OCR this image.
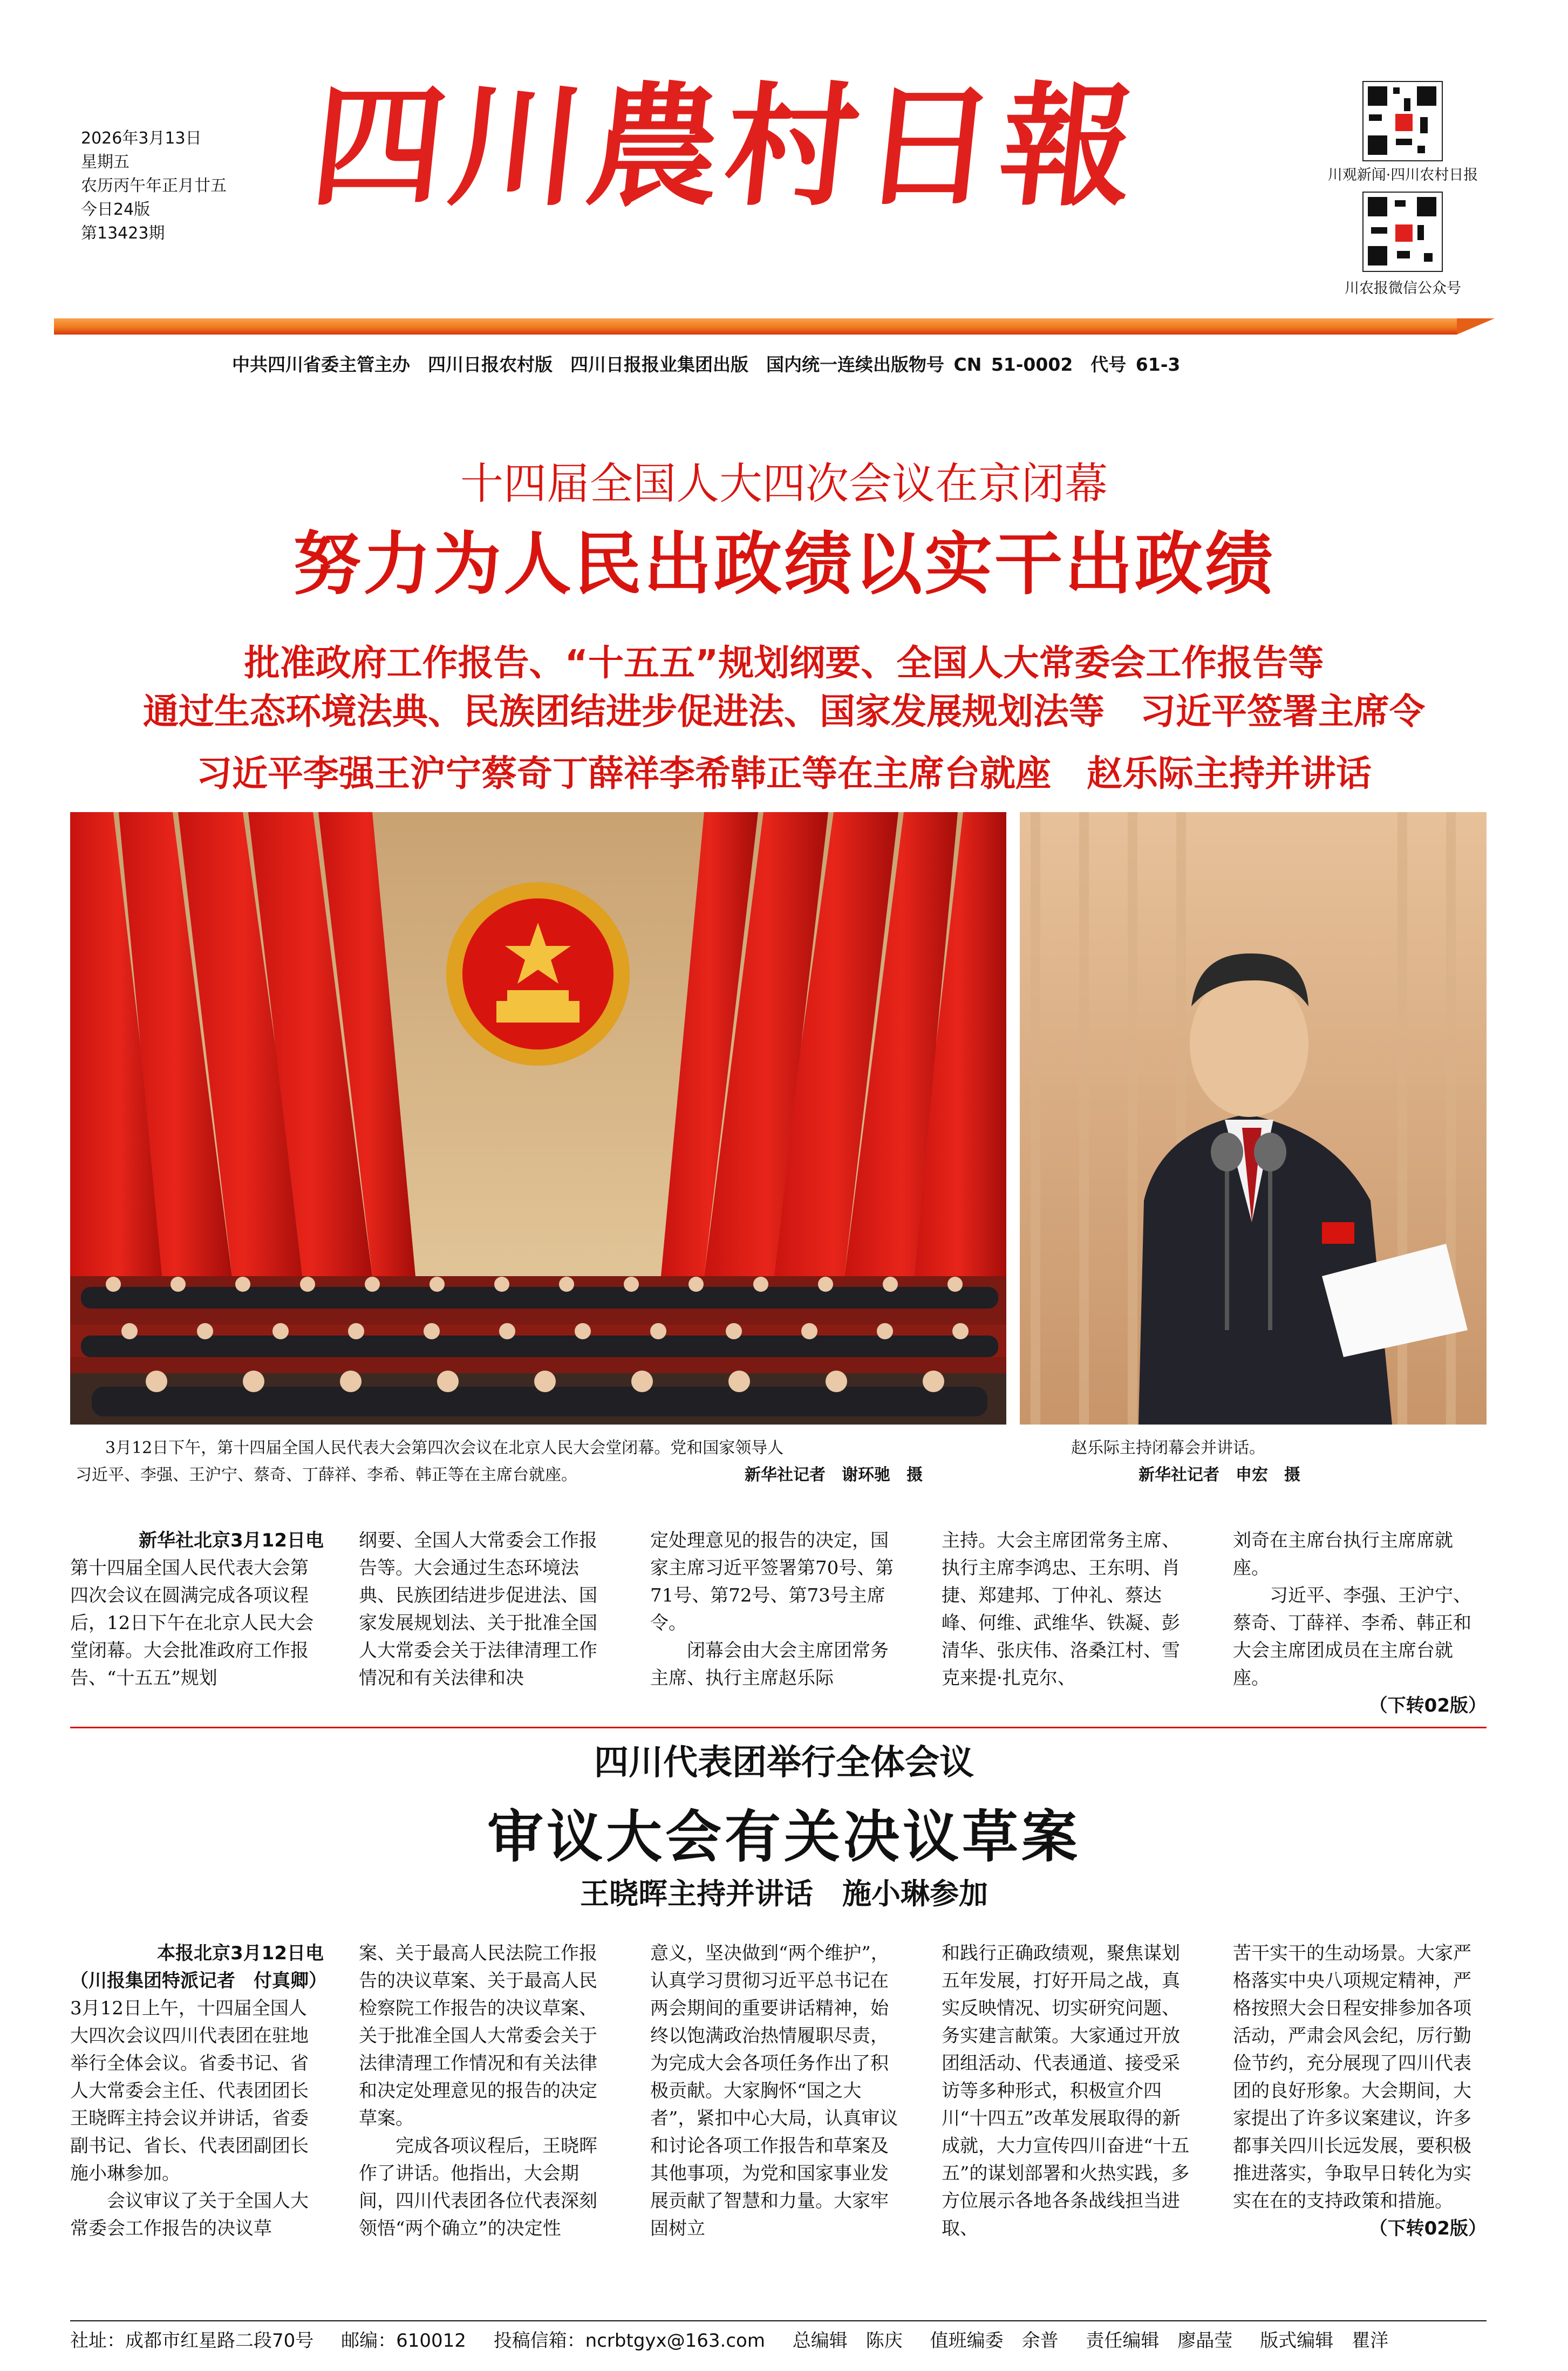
2026年3月13日
星期五
农历丙午年正月廿五
今日24版
第13423期
四川農村日報	川观新闻·四川农村日报
川农报微信公众号
中共四川省委主管主办　四川日报农村版　四川日报报业集团出版　国内统一连续出版物号 CN 51-0002　代号 61-3
十四届全国人大四次会议在京闭幕
努力为人民出政绩以实干出政绩
批准政府工作报告、“十五五”规划纲要、全国人大常委会工作报告等
通过生态环境法典、民族团结进步促进法、国家发展规划法等　习近平签署主席令
习近平李强王沪宁蔡奇丁薛祥李希韩正等在主席台就座　赵乐际主持并讲话
3月12日下午，第十四届全国人民代表大会第四次会议在北京人民大会堂闭幕。党和国家领导人
习近平、李强、王沪宁、蔡奇、丁薛祥、李希、韩正等在主席台就座。	新华社记者　谢环驰　摄
赵乐际主持闭幕会并讲话。
新华社记者　申宏　摄

新华社北京3月12日电
第十四届全国人民代表大会第四次会议在圆满完成各项议程后，12日下午在北京人民大会堂闭幕。大会批准政府工作报告、“十五五”规划

纲要、全国人大常委会工作报告等。大会通过生态环境法典、民族团结进步促进法、国家发展规划法、关于批准全国人大常委会关于法律清理工作情况和有关法律和决

定处理意见的报告的决定，国家主席习近平签署第70号、第71号、第72号、第73号主席令。

闭幕会由大会主席团常务主席、执行主席赵乐际

主持。大会主席团常务主席、执行主席李鸿忠、王东明、肖捷、郑建邦、丁仲礼、蔡达峰、何维、武维华、铁凝、彭清华、张庆伟、洛桑江村、雪克来提·扎克尔、

刘奇在主席台执行主席席就座。

习近平、李强、王沪宁、蔡奇、丁薛祥、李希、韩正和大会主席团成员在主席台就座。

（下转02版）

四川代表团举行全体会议
审议大会有关决议草案
王晓晖主持并讲话　施小琳参加

本报北京3月12日电

（川报集团特派记者　付真卿）

3月12日上午，十四届全国人大四次会议四川代表团在驻地举行全体会议。省委书记、省人大常委会主任、代表团团长王晓晖主持会议并讲话，省委副书记、省长、代表团副团长施小琳参加。

会议审议了关于全国人大常委会工作报告的决议草

案、关于最高人民法院工作报告的决议草案、关于最高人民检察院工作报告的决议草案、关于批准全国人大常委会关于法律清理工作情况和有关法律和决定处理意见的报告的决定草案。

完成各项议程后，王晓晖作了讲话。他指出，大会期间，四川代表团各位代表深刻领悟“两个确立”的决定性

意义，坚决做到“两个维护”，认真学习贯彻习近平总书记在两会期间的重要讲话精神，始终以饱满政治热情履职尽责，为完成大会各项任务作出了积极贡献。大家胸怀“国之大者”，紧扣中心大局，认真审议和讨论各项工作报告和草案及其他事项，为党和国家事业发展贡献了智慧和力量。大家牢固树立

和践行正确政绩观，聚焦谋划五年发展，打好开局之战，真实反映情况、切实研究问题、务实建言献策。大家通过开放团组活动、代表通道、接受采访等多种形式，积极宣介四川“十四五”改革发展取得的新成就，大力宣传四川奋进“十五五”的谋划部署和火热实践，多方位展示各地各条战线担当进取、

苦干实干的生动场景。大家严格落实中央八项规定精神，严格按照大会日程安排参加各项活动，严肃会风会纪，厉行勤俭节约，充分展现了四川代表团的良好形象。大会期间，大家提出了许多议案建议，许多都事关四川长远发展，要积极推进落实，争取早日转化为实实在在的支持政策和措施。

（下转02版）

社址：成都市红星路二段70号 邮编：610012 投稿信箱：ncrbtgyx@163.com 总编辑　陈庆 值班编委　余普 责任编辑　廖晶莹 版式编辑　瞿洋
